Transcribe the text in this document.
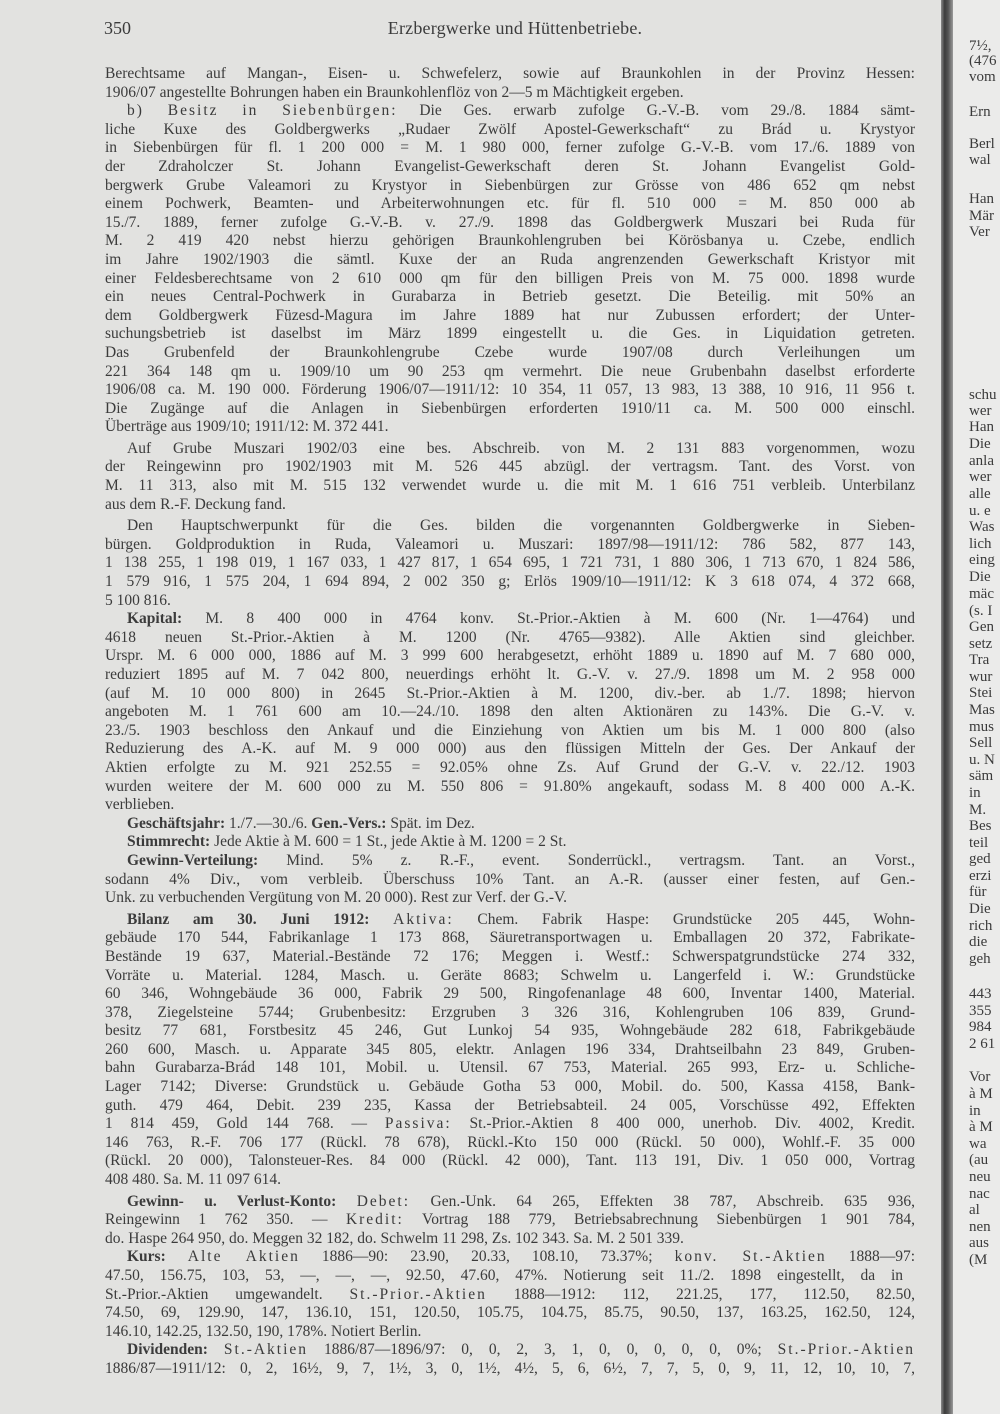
350	Erzbergwerke und Hüttenbetriebe.
Berechtsame auf Mangan-, Eisen- u. Schwefelerz, sowie auf Braunkohlen in der Provinz Hessen:
1906/07 angestellte Bohrungen haben ein Braunkohlenflöz von 2—5 m Mächtigkeit ergeben.
b) Besitz in Siebenbürgen: Die Ges. erwarb zufolge G.-V.-B. vom 29./8. 1884 sämt-
liche Kuxe des Goldbergwerks „Rudaer Zwölf Apostel-Gewerkschaft“ zu Brád u. Krystyor
in Siebenbürgen für fl. 1 200 000 = M. 1 980 000, ferner zufolge G.-V.-B. vom 17./6. 1889 von
der Zdraholczer St. Johann Evangelist-Gewerkschaft deren St. Johann Evangelist Gold-
bergwerk Grube Valeamori zu Krystyor in Siebenbürgen zur Grösse von 486 652 qm nebst
einem Pochwerk, Beamten- und Arbeiterwohnungen etc. für fl. 510 000 = M. 850 000 ab
15./7. 1889, ferner zufolge G.-V.-B. v. 27./9. 1898 das Goldbergwerk Muszari bei Ruda für
M. 2 419 420 nebst hierzu gehörigen Braunkohlengruben bei Körösbanya u. Czebe, endlich
im Jahre 1902/1903 die sämtl. Kuxe der an Ruda angrenzenden Gewerkschaft Kristyor mit
einer Feldesberechtsame von 2 610 000 qm für den billigen Preis von M. 75 000. 1898 wurde
ein neues Central-Pochwerk in Gurabarza in Betrieb gesetzt. Die Beteilig. mit 50% an
dem Goldbergwerk Füzesd-Magura im Jahre 1889 hat nur Zubussen erfordert; der Unter-
suchungsbetrieb ist daselbst im März 1899 eingestellt u. die Ges. in Liquidation getreten.
Das Grubenfeld der Braunkohlengrube Czebe wurde 1907/08 durch Verleihungen um
221 364 148 qm u. 1909/10 um 90 253 qm vermehrt. Die neue Grubenbahn daselbst erforderte
1906/08 ca. M. 190 000. Förderung 1906/07—1911/12: 10 354, 11 057, 13 983, 13 388, 10 916, 11 956 t.
Die Zugänge auf die Anlagen in Siebenbürgen erforderten 1910/11 ca. M. 500 000 einschl.
Überträge aus 1909/10; 1911/12: M. 372 441.
Auf Grube Muszari 1902/03 eine bes. Abschreib. von M. 2 131 883 vorgenommen, wozu
der Reingewinn pro 1902/1903 mit M. 526 445 abzügl. der vertragsm. Tant. des Vorst. von
M. 11 313, also mit M. 515 132 verwendet wurde u. die mit M. 1 616 751 verbleib. Unterbilanz
aus dem R.-F. Deckung fand.
Den Hauptschwerpunkt für die Ges. bilden die vorgenannten Goldbergwerke in Sieben-
bürgen. Goldproduktion in Ruda, Valeamori u. Muszari: 1897/98—1911/12: 786 582, 877 143,
1 138 255, 1 198 019, 1 167 033, 1 427 817, 1 654 695, 1 721 731, 1 880 306, 1 713 670, 1 824 586,
1 579 916, 1 575 204, 1 694 894, 2 002 350 g; Erlös 1909/10—1911/12: K 3 618 074, 4 372 668,
5 100 816.
Kapital: M. 8 400 000 in 4764 konv. St.-Prior.-Aktien à M. 600 (Nr. 1—4764) und
4618 neuen St.-Prior.-Aktien à M. 1200 (Nr. 4765—9382). Alle Aktien sind gleichber.
Urspr. M. 6 000 000, 1886 auf M. 3 999 600 herabgesetzt, erhöht 1889 u. 1890 auf M. 7 680 000,
reduziert 1895 auf M. 7 042 800, neuerdings erhöht lt. G.-V. v. 27./9. 1898 um M. 2 958 000
(auf M. 10 000 800) in 2645 St.-Prior.-Aktien à M. 1200, div.-ber. ab 1./7. 1898; hiervon
angeboten M. 1 761 600 am 10.—24./10. 1898 den alten Aktionären zu 143%. Die G.-V. v.
23./5. 1903 beschloss den Ankauf und die Einziehung von Aktien um bis M. 1 000 800 (also
Reduzierung des A.-K. auf M. 9 000 000) aus den flüssigen Mitteln der Ges. Der Ankauf der
Aktien erfolgte zu M. 921 252.55 = 92.05% ohne Zs. Auf Grund der G.-V. v. 22./12. 1903
wurden weitere der M. 600 000 zu M. 550 806 = 91.80% angekauft, sodass M. 8 400 000 A.-K.
verblieben.
Geschäftsjahr: 1./7.—30./6. Gen.-Vers.: Spät. im Dez.
Stimmrecht: Jede Aktie à M. 600 = 1 St., jede Aktie à M. 1200 = 2 St.
Gewinn-Verteilung: Mind. 5% z. R.-F., event. Sonderrückl., vertragsm. Tant. an Vorst.,
sodann 4% Div., vom verbleib. Überschuss 10% Tant. an A.-R. (ausser einer festen, auf Gen.-
Unk. zu verbuchenden Vergütung von M. 20 000). Rest zur Verf. der G.-V.
Bilanz am 30. Juni 1912: Aktiva: Chem. Fabrik Haspe: Grundstücke 205 445, Wohn-
gebäude 170 544, Fabrikanlage 1 173 868, Säuretransportwagen u. Emballagen 20 372, Fabrikate-
Bestände 19 637, Material.-Bestände 72 176; Meggen i. Westf.: Schwerspatgrundstücke 274 332,
Vorräte u. Material. 1284, Masch. u. Geräte 8683; Schwelm u. Langerfeld i. W.: Grundstücke
60 346, Wohngebäude 36 000, Fabrik 29 500, Ringofenanlage 48 600, Inventar 1400, Material.
378, Ziegelsteine 5744; Grubenbesitz: Erzgruben 3 326 316, Kohlengruben 106 839, Grund-
besitz 77 681, Forstbesitz 45 246, Gut Lunkoj 54 935, Wohngebäude 282 618, Fabrikgebäude
260 600, Masch. u. Apparate 345 805, elektr. Anlagen 196 334, Drahtseilbahn 23 849, Gruben-
bahn Gurabarza-Brád 148 101, Mobil. u. Utensil. 67 753, Material. 265 993, Erz- u. Schliche-
Lager 7142; Diverse: Grundstück u. Gebäude Gotha 53 000, Mobil. do. 500, Kassa 4158, Bank-
guth. 479 464, Debit. 239 235, Kassa der Betriebsabteil. 24 005, Vorschüsse 492, Effekten
1 814 459, Gold 144 768. — Passiva: St.-Prior.-Aktien 8 400 000, unerhob. Div. 4002, Kredit.
146 763, R.-F. 706 177 (Rückl. 78 678), Rückl.-Kto 150 000 (Rückl. 50 000), Wohlf.-F. 35 000
(Rückl. 20 000), Talonsteuer-Res. 84 000 (Rückl. 42 000), Tant. 113 191, Div. 1 050 000, Vortrag
408 480. Sa. M. 11 097 614.
Gewinn- u. Verlust-Konto: Debet: Gen.-Unk. 64 265, Effekten 38 787, Abschreib. 635 936,
Reingewinn 1 762 350. — Kredit: Vortrag 188 779, Betriebsabrechnung Siebenbürgen 1 901 784,
do. Haspe 264 950, do. Meggen 32 182, do. Schwelm 11 298, Zs. 102 343. Sa. M. 2 501 339.
Kurs: Alte Aktien 1886—90: 23.90, 20.33, 108.10, 73.37%; konv. St.-Aktien 1888—97:
47.50, 156.75, 103, 53, —, —, —, 92.50, 47.60, 47%. Notierung seit 11./2. 1898 eingestellt, da in
St.-Prior.-Aktien umgewandelt. St.-Prior.-Aktien 1888—1912: 112, 221.25, 177, 112.50, 82.50,
74.50, 69, 129.90, 147, 136.10, 151, 120.50, 105.75, 104.75, 85.75, 90.50, 137, 163.25, 162.50, 124,
146.10, 142.25, 132.50, 190, 178%. Notiert Berlin.
Dividenden: St.-Aktien 1886/87—1896/97: 0, 0, 2, 3, 1, 0, 0, 0, 0, 0, 0%; St.-Prior.-Aktien
1886/87—1911/12: 0, 2, 16½, 9, 7, 1½, 3, 0, 1½, 4½, 5, 6, 6½, 7, 7, 5, 0, 9, 11, 12, 10, 10, 7,
7½,
(476
vom
Ern
Berl
wal
Han
Mär
Ver
schu
wer
Han
Die
anla
wer
alle
u. e
Was
lich
eing
Die
mäc
(s. I
Gen
setz
Tra
wur
Stei
Mas
mus
Sell
u. N
säm
in
M.
Bes
teil
ged
erzi
für
Die
rich
die
geh
443
355
984
2 61
Vor
à M
in
à M
wa
(au
neu
nac
al
nen
aus
(M
